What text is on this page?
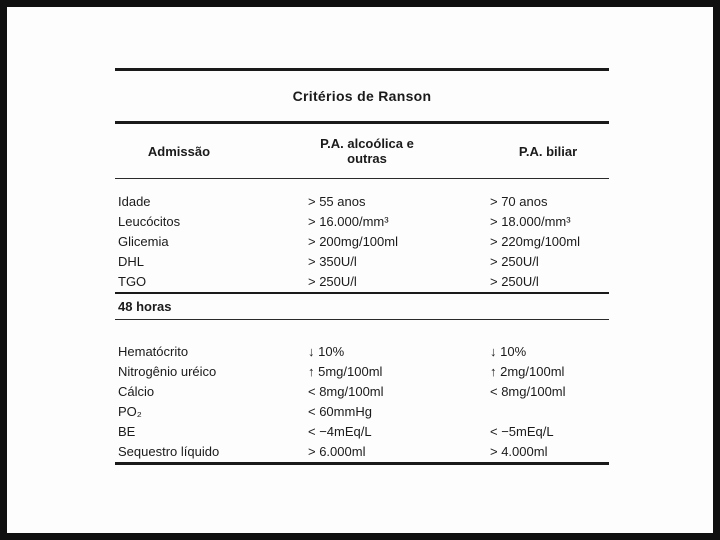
Critérios de Ranson
Admissão	P.A. alcoólica e outras	P.A. biliar
Idade	> 55 anos	> 70 anos
Leucócitos	> 16.000/mm³	> 18.000/mm³
Glicemia	> 200mg/100ml	> 220mg/100ml
DHL	> 350U/l	> 250U/l
TGO	> 250U/l	> 250U/l
48 horas
Hematócrito	↓ 10%	↓ 10%
Nitrogênio uréico	↑ 5mg/100ml	↑ 2mg/100ml
Cálcio	< 8mg/100ml	< 8mg/100ml
PO₂	< 60mmHg
BE	< −4mEq/L	< −5mEq/L
Sequestro líquido	> 6.000ml	> 4.000ml
